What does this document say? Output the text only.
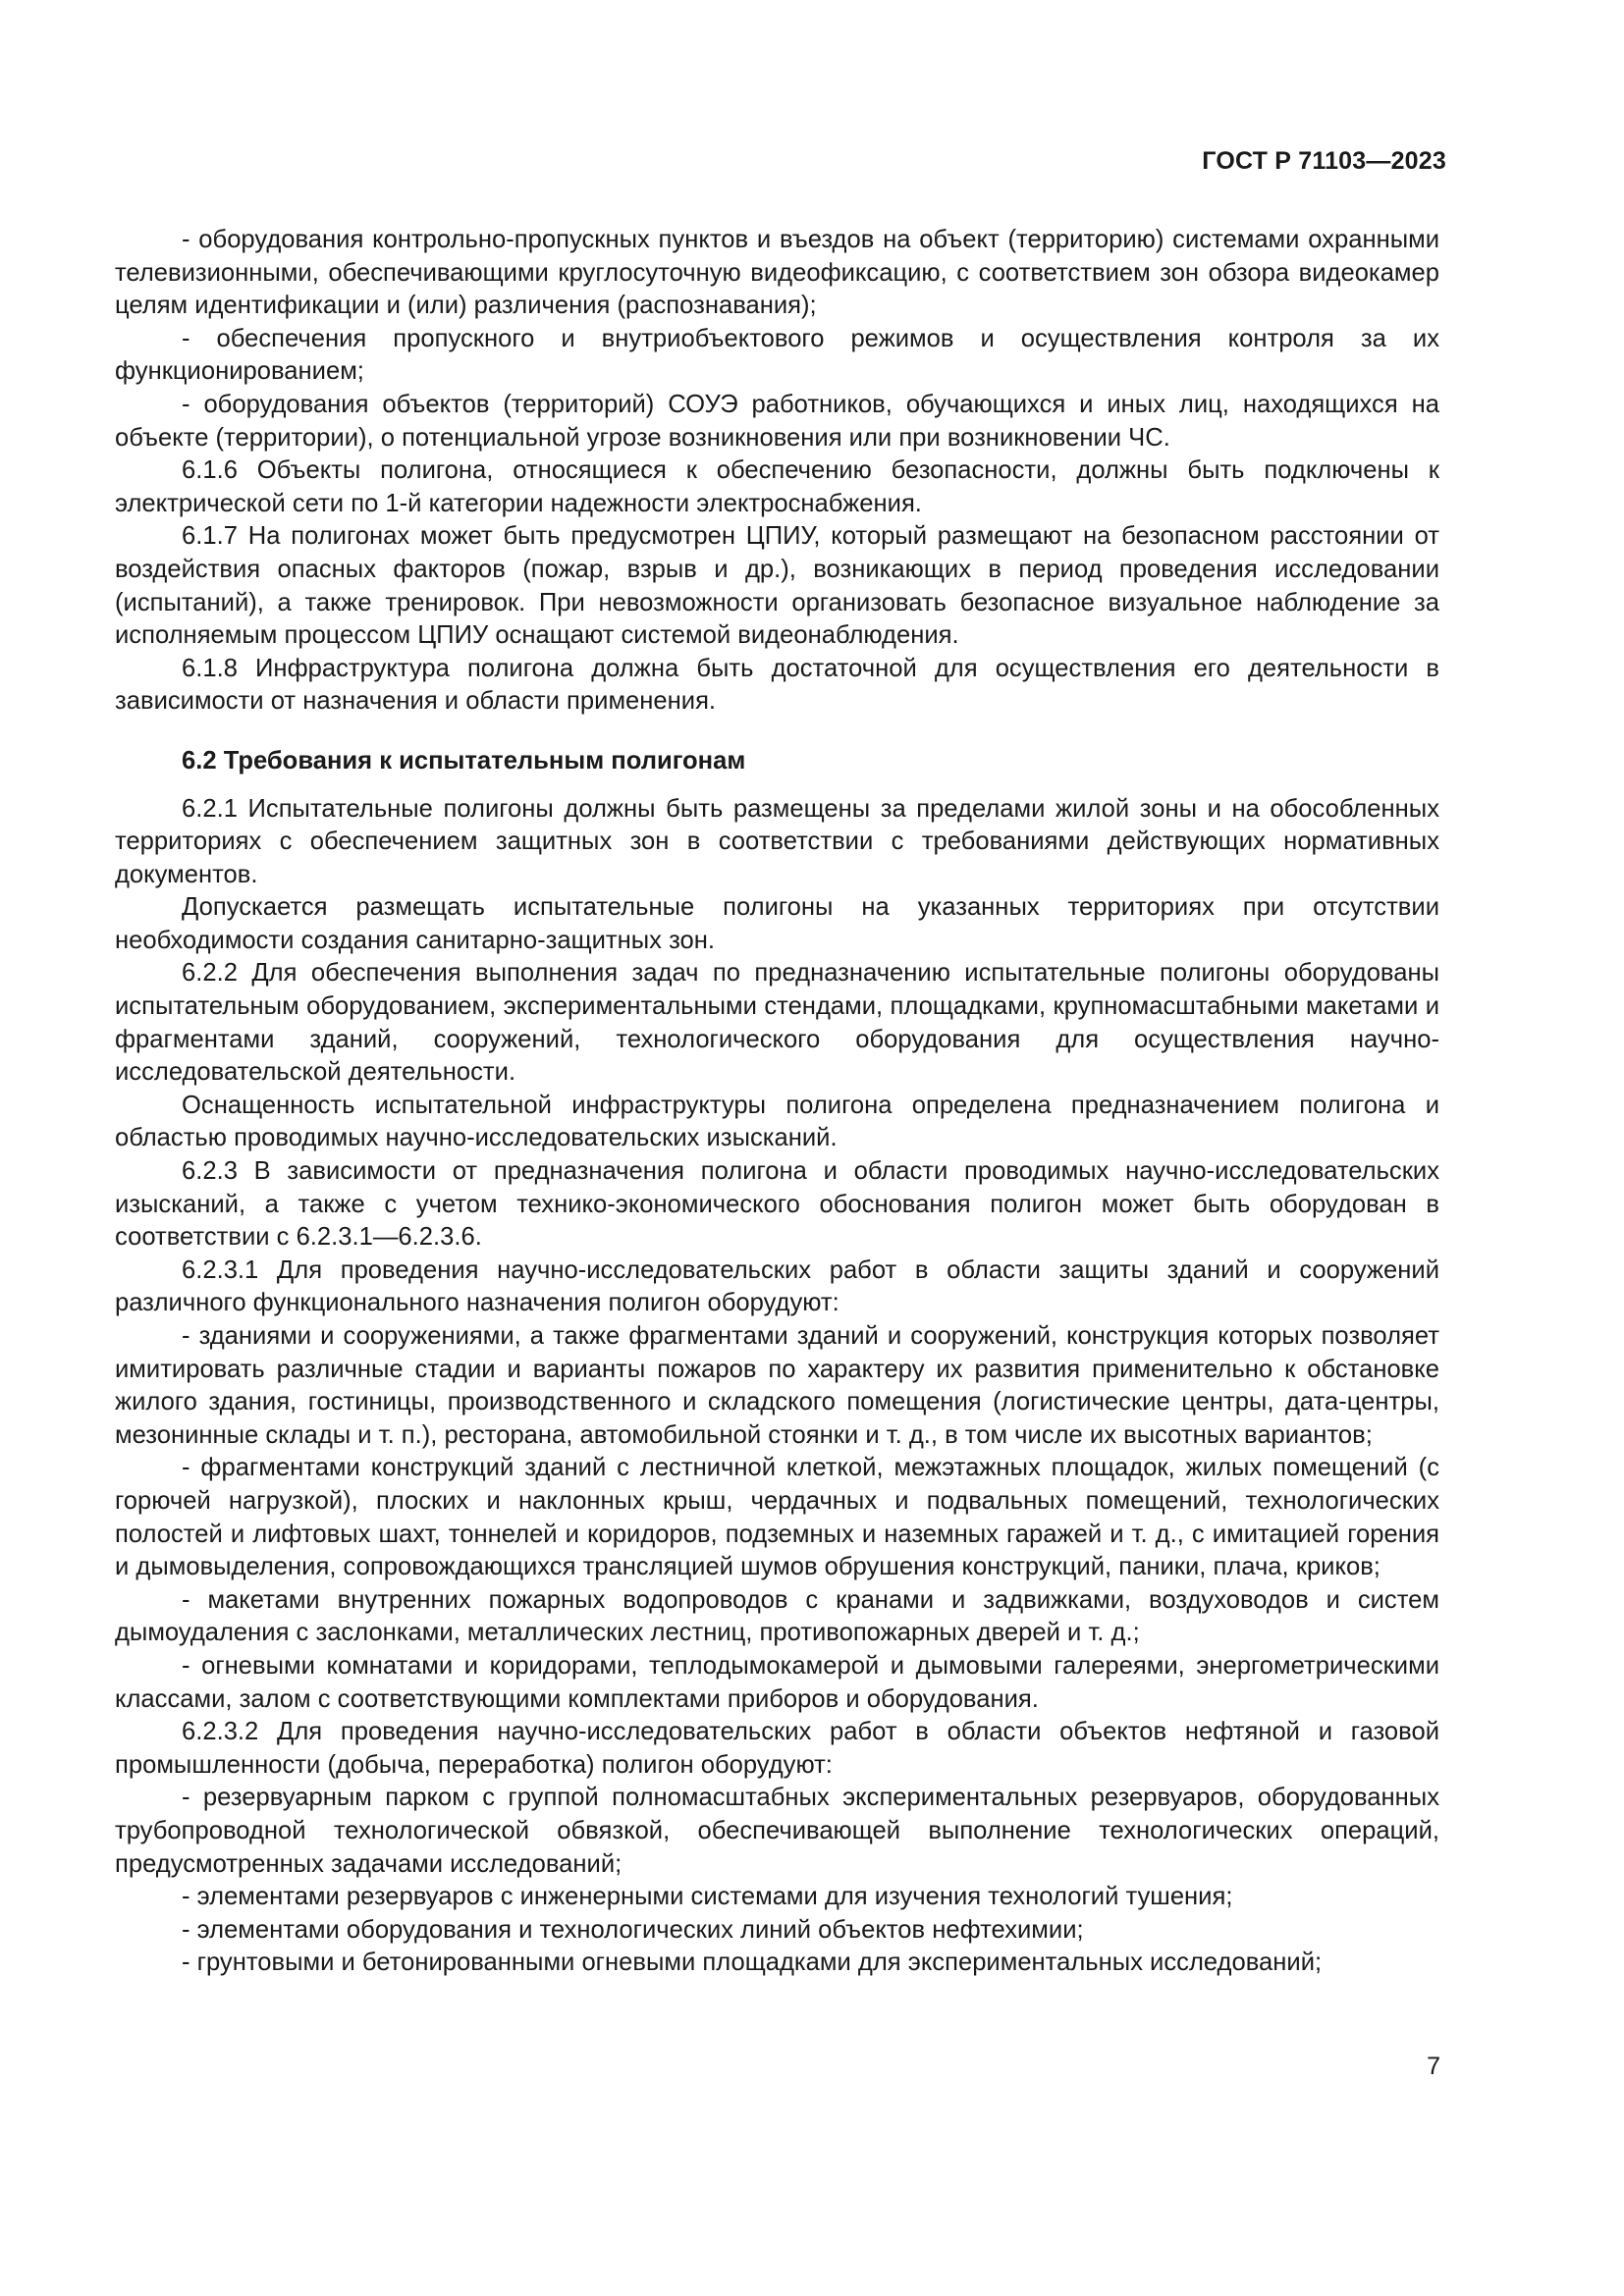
ГОСТ Р 71103—2023

- оборудования контрольно-пропускных пунктов и въездов на объект (территорию) системами охранными телевизионными, обеспечивающими круглосуточную видеофиксацию, с соответствием зон обзора видеокамер целям идентификации и (или) различения (распознавания);

- обеспечения пропускного и внутриобъектового режимов и осуществления контроля за их функционированием;

- оборудования объектов (территорий) СОУЭ работников, обучающихся и иных лиц, находящихся на объекте (территории), о потенциальной угрозе возникновения или при возникновении ЧС.

6.1.6 Объекты полигона, относящиеся к обеспечению безопасности, должны быть подключены к электрической сети по 1-й категории надежности электроснабжения.

6.1.7 На полигонах может быть предусмотрен ЦПИУ, который размещают на безопасном расстоянии от воздействия опасных факторов (пожар, взрыв и др.), возникающих в период проведения исследовании (испытаний), а также тренировок. При невозможности организовать безопасное визуальное наблюдение за исполняемым процессом ЦПИУ оснащают системой видеонаблюдения.

6.1.8 Инфраструктура полигона должна быть достаточной для осуществления его деятельности в зависимости от назначения и области применения.

6.2 Требования к испытательным полигонам

6.2.1 Испытательные полигоны должны быть размещены за пределами жилой зоны и на обособленных территориях с обеспечением защитных зон в соответствии с требованиями действующих нормативных документов.

Допускается размещать испытательные полигоны на указанных территориях при отсутствии необходимости создания санитарно-защитных зон.

6.2.2 Для обеспечения выполнения задач по предназначению испытательные полигоны оборудованы испытательным оборудованием, экспериментальными стендами, площадками, крупномасштабными макетами и фрагментами зданий, сооружений, технологического оборудования для осуществления научно-исследовательской деятельности.

Оснащенность испытательной инфраструктуры полигона определена предназначением полигона и областью проводимых научно-исследовательских изысканий.

6.2.3 В зависимости от предназначения полигона и области проводимых научно-исследовательских изысканий, а также с учетом технико-экономического обоснования полигон может быть оборудован в соответствии с 6.2.3.1—6.2.3.6.

6.2.3.1 Для проведения научно-исследовательских работ в области защиты зданий и сооружений различного функционального назначения полигон оборудуют:

- зданиями и сооружениями, а также фрагментами зданий и сооружений, конструкция которых позволяет имитировать различные стадии и варианты пожаров по характеру их развития применительно к обстановке жилого здания, гостиницы, производственного и складского помещения (логистические центры, дата-центры, мезонинные склады и т. п.), ресторана, автомобильной стоянки и т. д., в том числе их высотных вариантов;

- фрагментами конструкций зданий с лестничной клеткой, межэтажных площадок, жилых помещений (с горючей нагрузкой), плоских и наклонных крыш, чердачных и подвальных помещений, технологических полостей и лифтовых шахт, тоннелей и коридоров, подземных и наземных гаражей и т. д., с имитацией горения и дымовыделения, сопровождающихся трансляцией шумов обрушения конструкций, паники, плача, криков;

- макетами внутренних пожарных водопроводов с кранами и задвижками, воздуховодов и систем дымоудаления с заслонками, металлических лестниц, противопожарных дверей и т. д.;

- огневыми комнатами и коридорами, теплодымокамерой и дымовыми галереями, энергометрическими классами, залом с соответствующими комплектами приборов и оборудования.

6.2.3.2 Для проведения научно-исследовательских работ в области объектов нефтяной и газовой промышленности (добыча, переработка) полигон оборудуют:

- резервуарным парком с группой полномасштабных экспериментальных резервуаров, оборудованных трубопроводной технологической обвязкой, обеспечивающей выполнение технологических операций, предусмотренных задачами исследований;

- элементами резервуаров с инженерными системами для изучения технологий тушения;

- элементами оборудования и технологических линий объектов нефтехимии;

- грунтовыми и бетонированными огневыми площадками для экспериментальных исследований;

7
